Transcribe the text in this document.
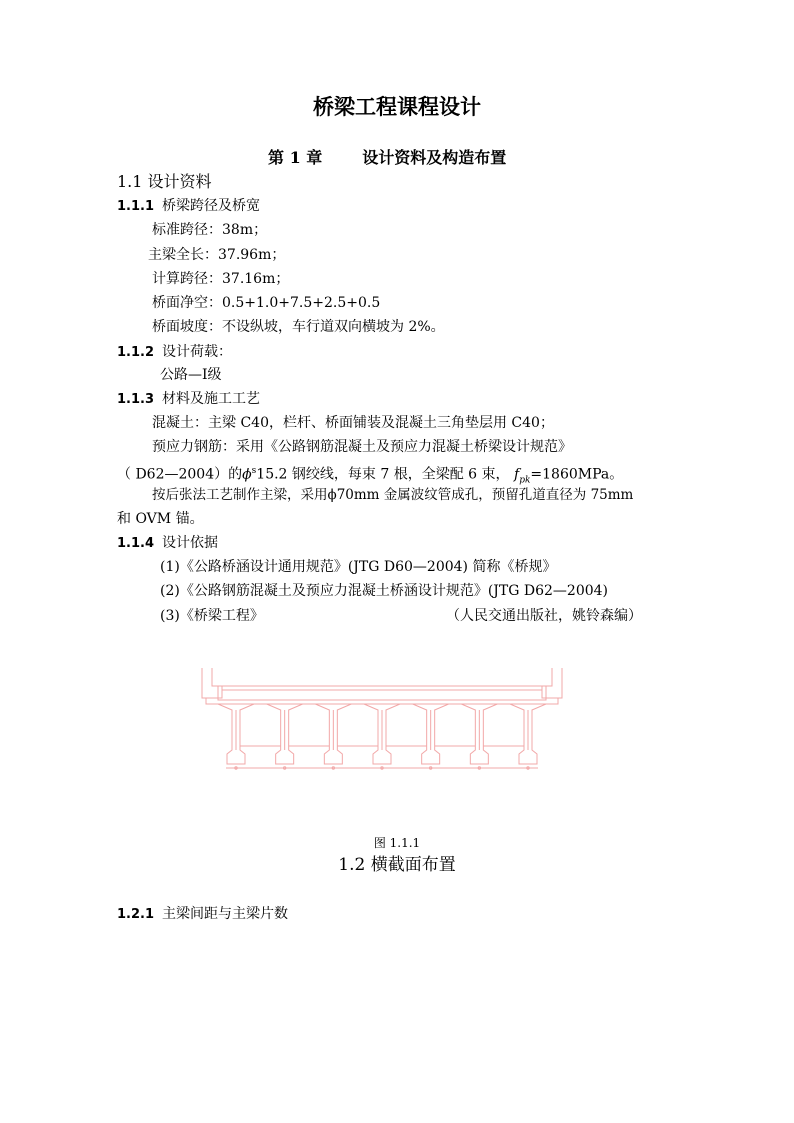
桥梁工程课程设计
第 1 章	设计资料及构造布置
1.1 设计资料
1.1.1 桥梁跨径及桥宽
标准跨径：38m；
主梁全长：37.96m；
计算跨径：37.16m；
桥面净空：0.5+1.0+7.5+2.5+0.5
桥面坡度：不设纵坡，车行道双向横坡为 2%。
1.1.2 设计荷载：
公路—Ⅰ级
1.1.3 材料及施工工艺
混凝土：主梁 C40，栏杆、桥面铺装及混凝土三角垫层用 C40；
预应力钢筋：采用《公路钢筋混凝土及预应力混凝土桥梁设计规范》
（ D62—2004）的$\phi^s15.2$ 钢绞线，每束 7 根，全梁配 6 束， $f_{pk}=1860MPa$。
按后张法工艺制作主梁，采用ϕ70mm 金属波纹管成孔，预留孔道直径为 75mm
和 OVM 锚。
1.1.4 设计依据
(1)《公路桥涵设计通用规范》(JTG D60—2004) 简称《桥规》
(2)《公路钢筋混凝土及预应力混凝土桥涵设计规范》(JTG D62—2004)
(3)《桥梁工程》	（人民交通出版社，姚铃森编）
图 1.1.1
1.2 横截面布置
1.2.1 主梁间距与主梁片数
